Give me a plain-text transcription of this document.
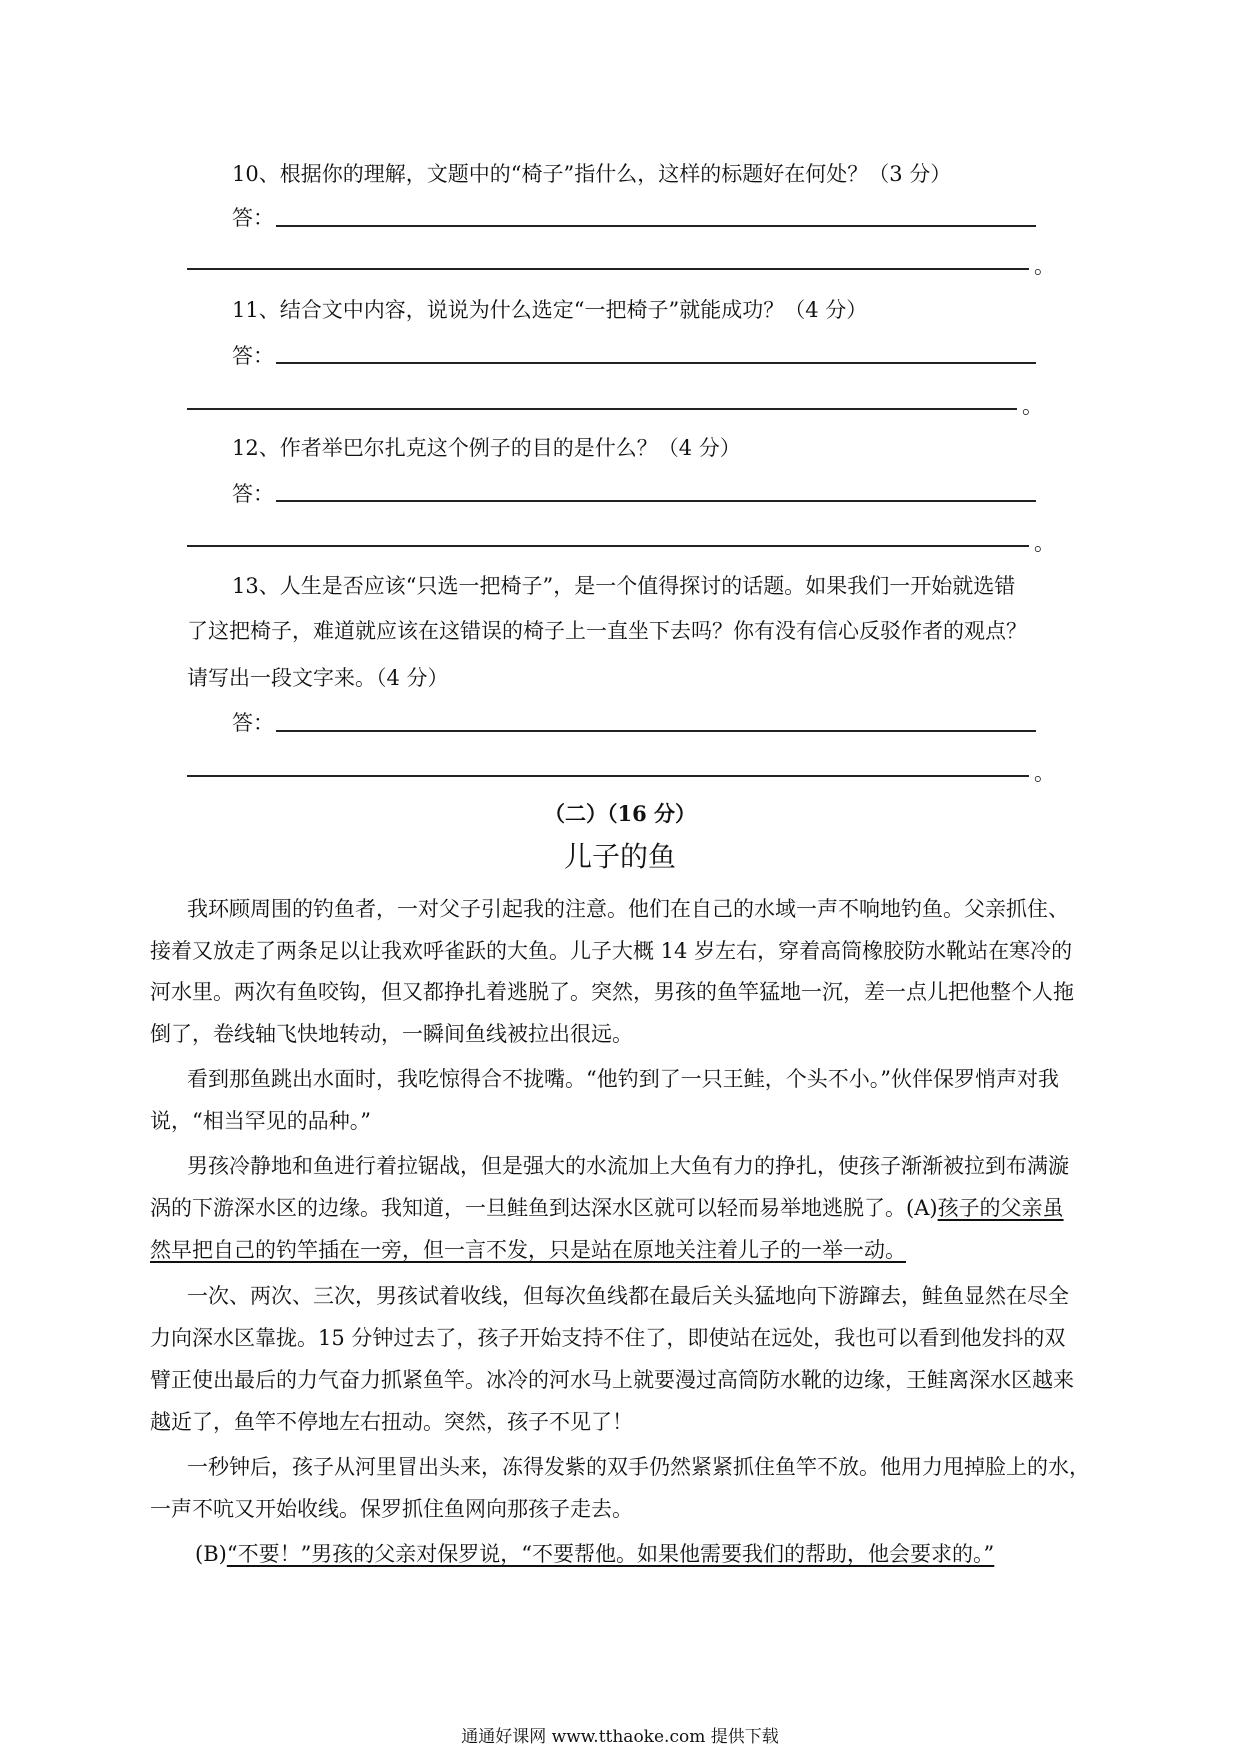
10、根据你的理解，文题中的“椅子”指什么，这样的标题好在何处？（3 分）
答：
。
11、结合文中内容，说说为什么选定“一把椅子”就能成功？（4 分）
答：
。
12、作者举巴尔扎克这个例子的目的是什么？（4 分）
答：
。
13、人生是否应该“只选一把椅子”，是一个值得探讨的话题。如果我们一开始就选错
了这把椅子，难道就应该在这错误的椅子上一直坐下去吗？你有没有信心反驳作者的观点？
请写出一段文字来。（4 分）
答：
。
（二）（16 分）
儿子的鱼
我环顾周围的钓鱼者，一对父子引起我的注意。他们在自己的水域一声不响地钓鱼。父亲抓住、
接着又放走了两条足以让我欢呼雀跃的大鱼。儿子大概 14 岁左右，穿着高筒橡胶防水靴站在寒冷的
河水里。两次有鱼咬钩，但又都挣扎着逃脱了。突然，男孩的鱼竿猛地一沉，差一点儿把他整个人拖
倒了，卷线轴飞快地转动，一瞬间鱼线被拉出很远。
看到那鱼跳出水面时，我吃惊得合不拢嘴。“他钓到了一只王鲑，个头不小。”伙伴保罗悄声对我
说，“相当罕见的品种。”
男孩冷静地和鱼进行着拉锯战，但是强大的水流加上大鱼有力的挣扎，使孩子渐渐被拉到布满漩
涡的下游深水区的边缘。我知道，一旦鲑鱼到达深水区就可以轻而易举地逃脱了。(A)孩子的父亲虽
然早把自己的钓竿插在一旁，但一言不发，只是站在原地关注着儿子的一举一动。
一次、两次、三次，男孩试着收线，但每次鱼线都在最后关头猛地向下游蹿去，鲑鱼显然在尽全
力向深水区靠拢。15 分钟过去了，孩子开始支持不住了，即使站在远处，我也可以看到他发抖的双
臂正使出最后的力气奋力抓紧鱼竿。冰冷的河水马上就要漫过高筒防水靴的边缘，王鲑离深水区越来
越近了，鱼竿不停地左右扭动。突然，孩子不见了！
一秒钟后，孩子从河里冒出头来，冻得发紫的双手仍然紧紧抓住鱼竿不放。他用力甩掉脸上的水，
一声不吭又开始收线。保罗抓住鱼网向那孩子走去。
(B)“不要！”男孩的父亲对保罗说，“不要帮他。如果他需要我们的帮助，他会要求的。”
通通好课网 www.tthaoke.com 提供下载
